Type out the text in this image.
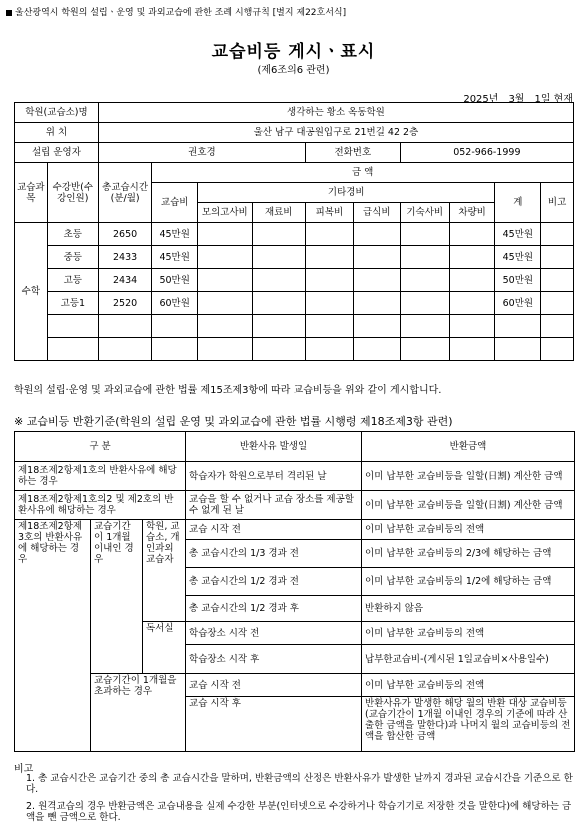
울산광역시 학원의 설립ㆍ운영 및 과외교습에 관한 조례 시행규칙 [별지 제22호서식]
교습비등 게시ㆍ표시
(제6조의6 관련)
2025년 3월 1일 현재
학원(교습소)명		생각하는 황소 옥동학원									
위 치		울산 남구 대공원입구로 21번길 42 2층									
설립 운영자		권호경				전화번호		052-966-1999			
교습과목	수강반(수강인원)	총교습시간(분/월)	금 액								
			교습비	기타경비						계	비고
				모의고사비	재료비	피복비	급식비	기숙사비	차량비		
수학	초등	2650	45만원							45만원	
	중등	2433	45만원							45만원	
	고등	2434	50만원							50만원	
	고등1	2520	60만원							60만원	

학원의 설립·운영 및 과외교습에 관한 법률 제15조제3항에 따라 교습비등을 위와 같이 게시합니다.
※ 교습비등 반환기준(학원의 설립 운영 및 과외교습에 관한 법률 시행령 제18조제3항 관련)
구 분			반환사유 발생일	반환금액
제18조제2항제1호의 반환사유에 해당하는 경우			학습자가 학원으로부터 격리된 날	이미 납부한 교습비등을 일할(日割) 계산한 금액
제18조제2항제1호의2 및 제2호의 반환사유에 해당하는 경우			교습을 할 수 없거나 교습 장소를 제공할 수 없게 된 날	이미 납부한 교습비등을 일할(日割) 계산한 금액
제18조제2항제3호의 반환사유에 해당하는 경우	교습기간이 1개월 이내인 경우	학원, 교습소, 개인과외교습자	교습 시작 전	이미 납부한 교습비등의 전액
			총 교습시간의 1/3 경과 전	이미 납부한 교습비등의 2/3에 해당하는 금액
			총 교습시간의 1/2 경과 전	이미 납부한 교습비등의 1/2에 해당하는 금액
			총 교습시간의 1/2 경과 후	반환하지 않음
		독서실	학습장소 시작 전	이미 납부한 교습비등의 전액
			학습장소 시작 후	납부한교습비-(게시된 1일교습비×사용일수)
	교습기간이 1개월을 초과하는 경우		교습 시작 전	이미 납부한 교습비등의 전액
			교습 시작 후	반환사유가 발생한 해당 월의 반환 대상 교습비등(교습기간이 1개월 이내인 경우의 기준에 따라 산출한 금액을 말한다)과 나머지 월의 교습비등의 전액을 합산한 금액
비고
1. 총 교습시간은 교습기간 중의 총 교습시간을 말하며, 반환금액의 산정은 반환사유가 발생한 날까지 경과된 교습시간을 기준으로 한다.
2. 원격교습의 경우 반환금액은 교습내용을 실제 수강한 부분(인터넷으로 수강하거나 학습기기로 저장한 것을 말한다)에 해당하는 금액을 뺀 금액으로 한다.
